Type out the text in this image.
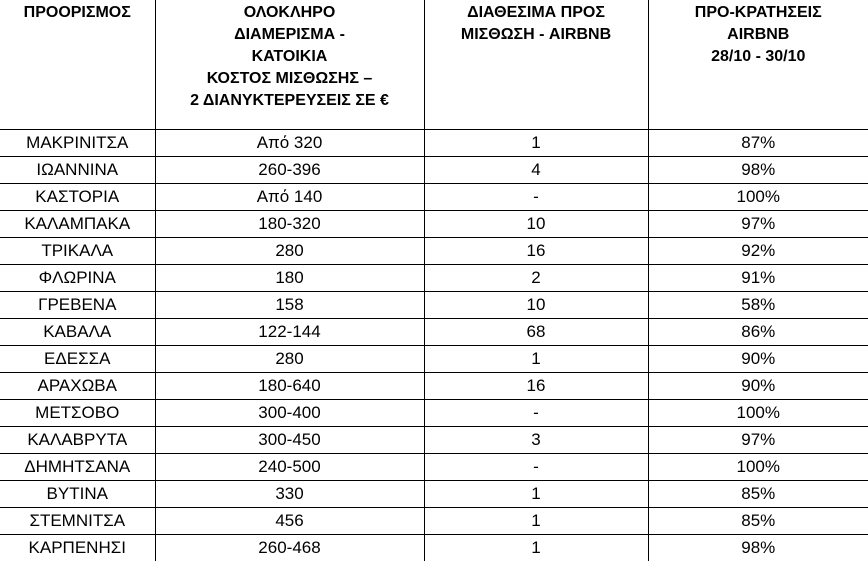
ΠΡΟΟΡΙΣΜΟΣ	ΟΛΟΚΛΗΡΟ
ΔΙΑΜΕΡΙΣΜΑ -
ΚΑΤΟΙΚΙΑ
ΚΟΣΤΟΣ ΜΙΣΘΩΣΗΣ –
2 ΔΙΑΝΥΚΤΕΡΕΥΣΕΙΣ ΣΕ €	ΔΙΑΘΕΣΙΜΑ ΠΡΟΣ
ΜΙΣΘΩΣΗ - AIRBNB	ΠΡΟ-ΚΡΑΤΗΣΕΙΣ
AIRBNB
28/10 - 30/10

ΜΑΚΡΙΝΙΤΣΑ	Από 320	1	87%
ΙΩΑΝΝΙΝΑ	260-396	4	98%
ΚΑΣΤΟΡΙΑ	Από 140	-	100%
ΚΑΛΑΜΠΑΚΑ	180-320	10	97%
ΤΡΙΚΑΛΑ	280	16	92%
ΦΛΩΡΙΝΑ	180	2	91%
ΓΡΕΒΕΝΑ	158	10	58%
ΚΑΒΑΛΑ	122-144	68	86%
ΕΔΕΣΣΑ	280	1	90%
ΑΡΑΧΩΒΑ	180-640	16	90%
ΜΕΤΣΟΒΟ	300-400	-	100%
ΚΑΛΑΒΡΥΤΑ	300-450	3	97%
ΔΗΜΗΤΣΑΝΑ	240-500	-	100%
ΒΥΤΙΝΑ	330	1	85%
ΣΤΕΜΝΙΤΣΑ	456	1	85%
ΚΑΡΠΕΝΗΣΙ	260-468	1	98%
